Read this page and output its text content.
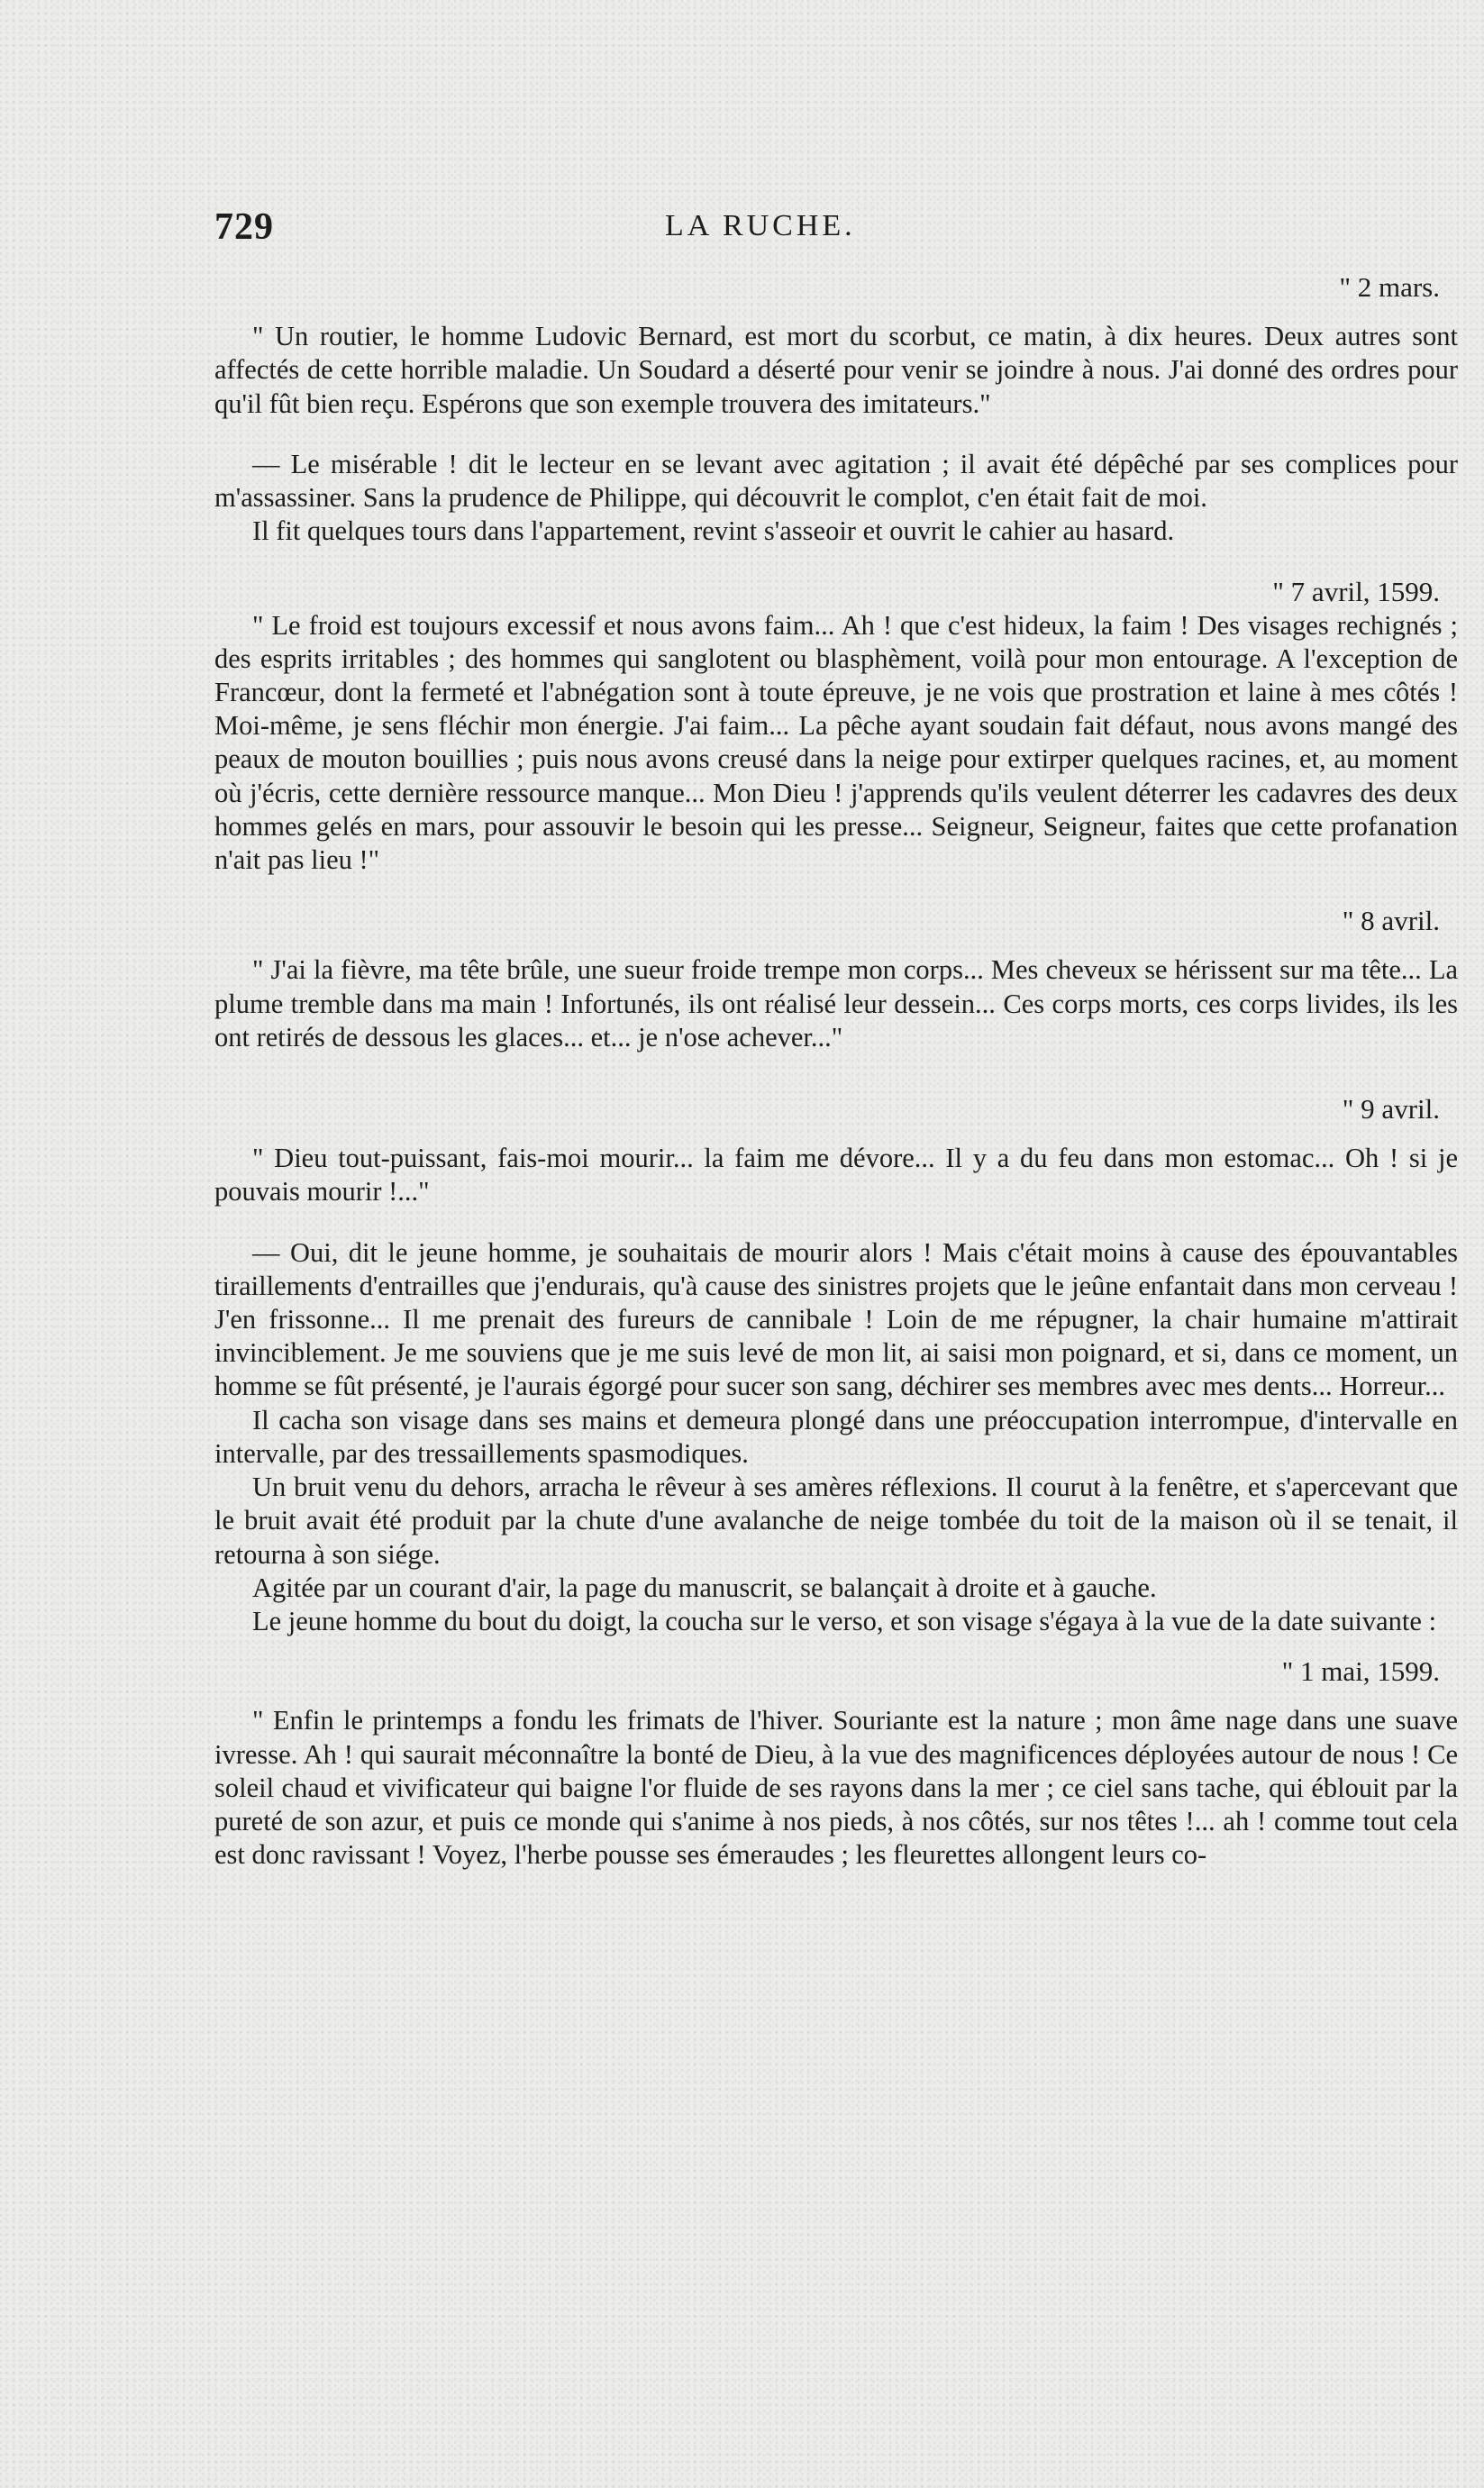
729	LA RUCHE.

" 2 mars.

" Un routier, le homme Ludovic Bernard, est mort du scorbut, ce matin, à dix heures. Deux autres sont affectés de cette horrible maladie. Un Soudard a déserté pour venir se joindre à nous. J'ai donné des ordres pour qu'il fût bien reçu. Espérons que son exemple trouvera des imitateurs."

— Le misérable ! dit le lecteur en se levant avec agitation ; il avait été dépêché par ses complices pour m'assassiner. Sans la prudence de Philippe, qui découvrit le complot, c'en était fait de moi.

Il fit quelques tours dans l'appartement, revint s'asseoir et ouvrit le cahier au hasard.

" 7 avril, 1599.

" Le froid est toujours excessif et nous avons faim... Ah ! que c'est hideux, la faim ! Des visages rechignés ; des esprits irritables ; des hommes qui sanglotent ou blasphèment, voilà pour mon entourage. A l'exception de Francœur, dont la fermeté et l'abnégation sont à toute épreuve, je ne vois que prostration et laine à mes côtés ! Moi-même, je sens fléchir mon énergie. J'ai faim... La pêche ayant soudain fait défaut, nous avons mangé des peaux de mouton bouillies ; puis nous avons creusé dans la neige pour extirper quelques racines, et, au moment où j'écris, cette dernière ressource manque... Mon Dieu ! j'apprends qu'ils veulent déterrer les cadavres des deux hommes gelés en mars, pour assouvir le besoin qui les presse... Seigneur, Seigneur, faites que cette profanation n'ait pas lieu !"

" 8 avril.

" J'ai la fièvre, ma tête brûle, une sueur froide trempe mon corps... Mes cheveux se hérissent sur ma tête... La plume tremble dans ma main ! Infortunés, ils ont réalisé leur dessein... Ces corps morts, ces corps livides, ils les ont retirés de dessous les glaces... et... je n'ose achever..."

" 9 avril.

" Dieu tout-puissant, fais-moi mourir... la faim me dévore... Il y a du feu dans mon estomac... Oh ! si je pouvais mourir !..."

— Oui, dit le jeune homme, je souhaitais de mourir alors ! Mais c'était moins à cause des épouvantables tiraillements d'entrailles que j'endurais, qu'à cause des sinistres projets que le jeûne enfantait dans mon cerveau ! J'en frissonne... Il me prenait des fureurs de cannibale ! Loin de me répugner, la chair humaine m'attirait invinciblement. Je me souviens que je me suis levé de mon lit, ai saisi mon poignard, et si, dans ce moment, un homme se fût présenté, je l'aurais égorgé pour sucer son sang, déchirer ses membres avec mes dents... Horreur...

Il cacha son visage dans ses mains et demeura plongé dans une préoccupation interrompue, d'intervalle en intervalle, par des tressaillements spasmodiques.

Un bruit venu du dehors, arracha le rêveur à ses amères réflexions. Il courut à la fenêtre, et s'apercevant que le bruit avait été produit par la chute d'une avalanche de neige tombée du toit de la maison où il se tenait, il retourna à son siége.

Agitée par un courant d'air, la page du manuscrit, se balançait à droite et à gauche.

Le jeune homme du bout du doigt, la coucha sur le verso, et son visage s'égaya à la vue de la date suivante :

" 1 mai, 1599.

" Enfin le printemps a fondu les frimats de l'hiver. Souriante est la nature ; mon âme nage dans une suave ivresse. Ah ! qui saurait méconnaître la bonté de Dieu, à la vue des magnificences déployées autour de nous ! Ce soleil chaud et vivificateur qui baigne l'or fluide de ses rayons dans la mer ; ce ciel sans tache, qui éblouit par la pureté de son azur, et puis ce monde qui s'anime à nos pieds, à nos côtés, sur nos têtes !... ah ! comme tout cela est donc ravissant ! Voyez, l'herbe pousse ses émeraudes ; les fleurettes allongent leurs co-
